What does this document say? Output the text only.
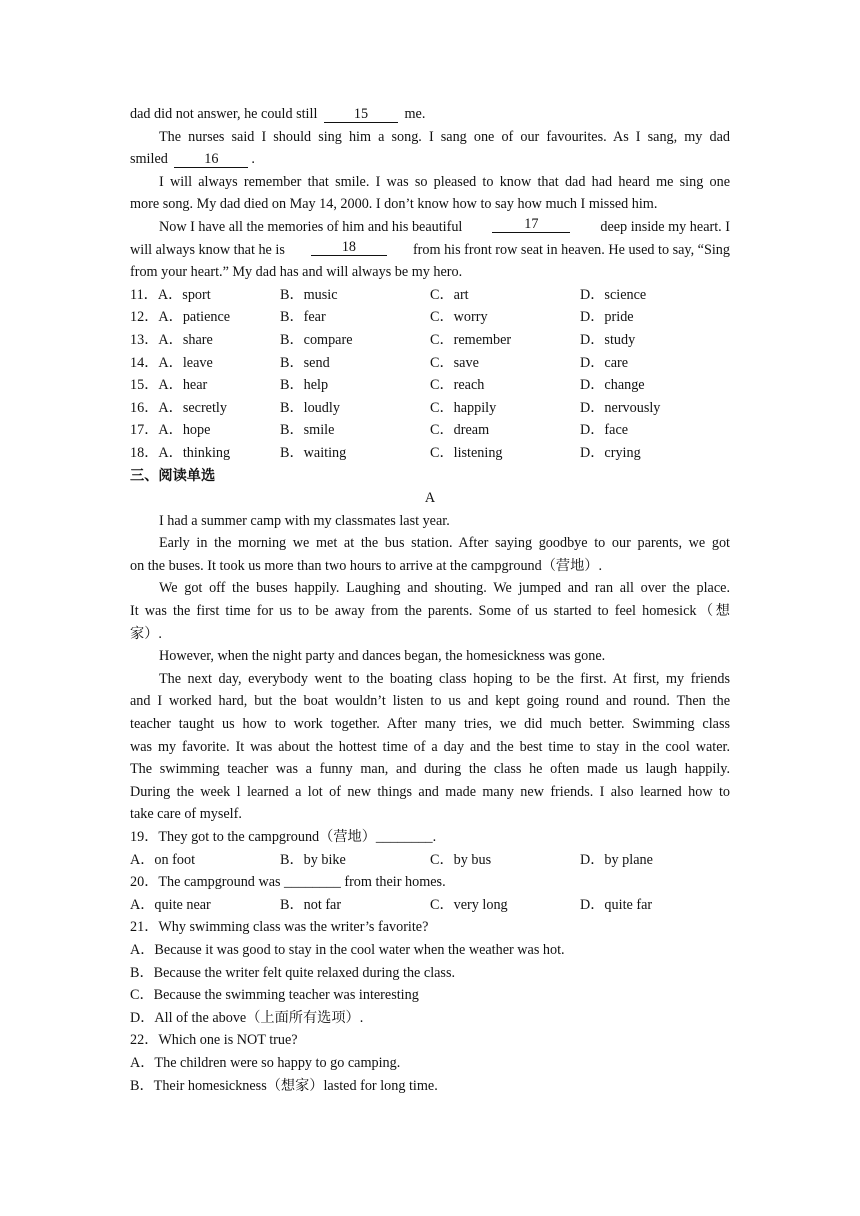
dad did not answer, he could still	15	me.
The nurses said I should sing him a song. I sang one of our favourites. As I sang, my dad
smiled	16 .
I will always remember that smile. I was so pleased to know that dad had heard me sing one
more song. My dad died on May 14, 2000. I don’t know how to say how much I missed him.
Now I have all the memories of him and his beautiful	17	deep inside my heart. I
will always know that he is	18	from his front row seat in heaven. He used to say, “Sing
from your heart.” My dad has and will always be my hero.
11．A．sport	B．music	C．art	D．science
12．A．patience	B．fear	C．worry	D．pride
13．A．share	B．compare	C．remember	D．study
14．A．leave	B．send	C．save	D．care
15．A．hear	B．help	C．reach	D．change
16．A．secretly	B．loudly	C．happily	D．nervously
17．A．hope	B．smile	C．dream	D．face
18．A．thinking	B．waiting	C．listening	D．crying
三、阅读单选
A
I had a summer camp with my classmates last year.
Early in the morning we met at the bus station. After saying goodbye to our parents, we got
on the buses. It took us more than two hours to arrive at the campground（营地）.
We got off the buses happily. Laughing and shouting. We jumped and ran all over the place.
It was the first time for us to be away from the parents. Some of us started to feel homesick（想
家）.
However, when the night party and dances began, the homesickness was gone.
The next day, everybody went to the boating class hoping to be the first. At first, my friends
and I worked hard, but the boat wouldn’t listen to us and kept going round and round. Then the
teacher taught us how to work together. After many tries, we did much better. Swimming class
was my favorite. It was about the hottest time of a day and the best time to stay in the cool water.
The swimming teacher was a funny man, and during the class he often made us laugh happily.
During the week l learned a lot of new things and made many new friends. I also learned how to
take care of myself.
19．They got to the campground（营地）________.
A．on foot	B．by bike	C．by bus	D．by plane
20．The campground was ________ from their homes.
A．quite near	B．not far	C．very long	D．quite far
21．Why swimming class was the writer’s favorite?
A．Because it was good to stay in the cool water when the weather was hot.
B．Because the writer felt quite relaxed during the class.
C．Because the swimming teacher was interesting
D．All of the above（上面所有选项）.
22．Which one is NOT true?
A．The children were so happy to go camping.
B．Their homesickness（想家）lasted for long time.
